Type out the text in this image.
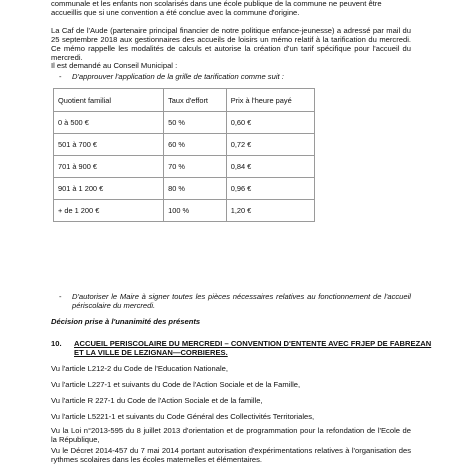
communale et les enfants non scolarisés dans une école publique de la commune ne peuvent être
accueillis que si une convention a été conclue avec la commune d'origine.
La Caf de l'Aude (partenaire principal financier de notre politique enfance-jeunesse) a adressé par mail du 25 septembre 2018 aux gestionnaires des accueils de loisirs un mémo relatif à la tarification du mercredi. Ce mémo rappelle les modalités de calculs et autorise la création d'un tarif spécifique pour l'accueil du mercredi.
Il est demandé au Conseil Municipal :
- D'approuver l'application de la grille de tarification comme suit :
Quotient familial	Taux d'effort	Prix à l'heure payé
0 à 500 €	50 %	0,60 €
501 à 700 €	60 %	0,72 €
701 à 900 €	70 %	0,84 €
901 à 1 200 €	80 %	0,96 €
+ de 1 200 €	100 %	1,20 €
- D'autoriser le Maire à signer toutes les pièces nécessaires relatives au fonctionnement de l'accueil périscolaire du mercredi.
Décision prise à l'unanimité des présents
10. ACCUEIL PERISCOLAIRE DU MERCREDI – CONVENTION D'ENTENTE AVEC FRJEP DE FABREZAN
ET LA VILLE DE LEZIGNAN—CORBIERES.
Vu l'article L212-2 du Code de l'Education Nationale,
Vu l'article L227-1 et suivants du Code de l'Action Sociale et de la Famille,
Vu l'article R 227-1 du Code de l'Action Sociale et de la famille,
Vu l'article L5221-1 et suivants du Code Général des Collectivités Territoriales,
Vu la Loi n°2013-595 du 8 juillet 2013 d'orientation et de programmation pour la refondation de l'Ecole de la République,
Vu le Décret 2014-457 du 7 mai 2014 portant autorisation d'expérimentations relatives à l'organisation des rythmes scolaires dans les écoles maternelles et élémentaires.
